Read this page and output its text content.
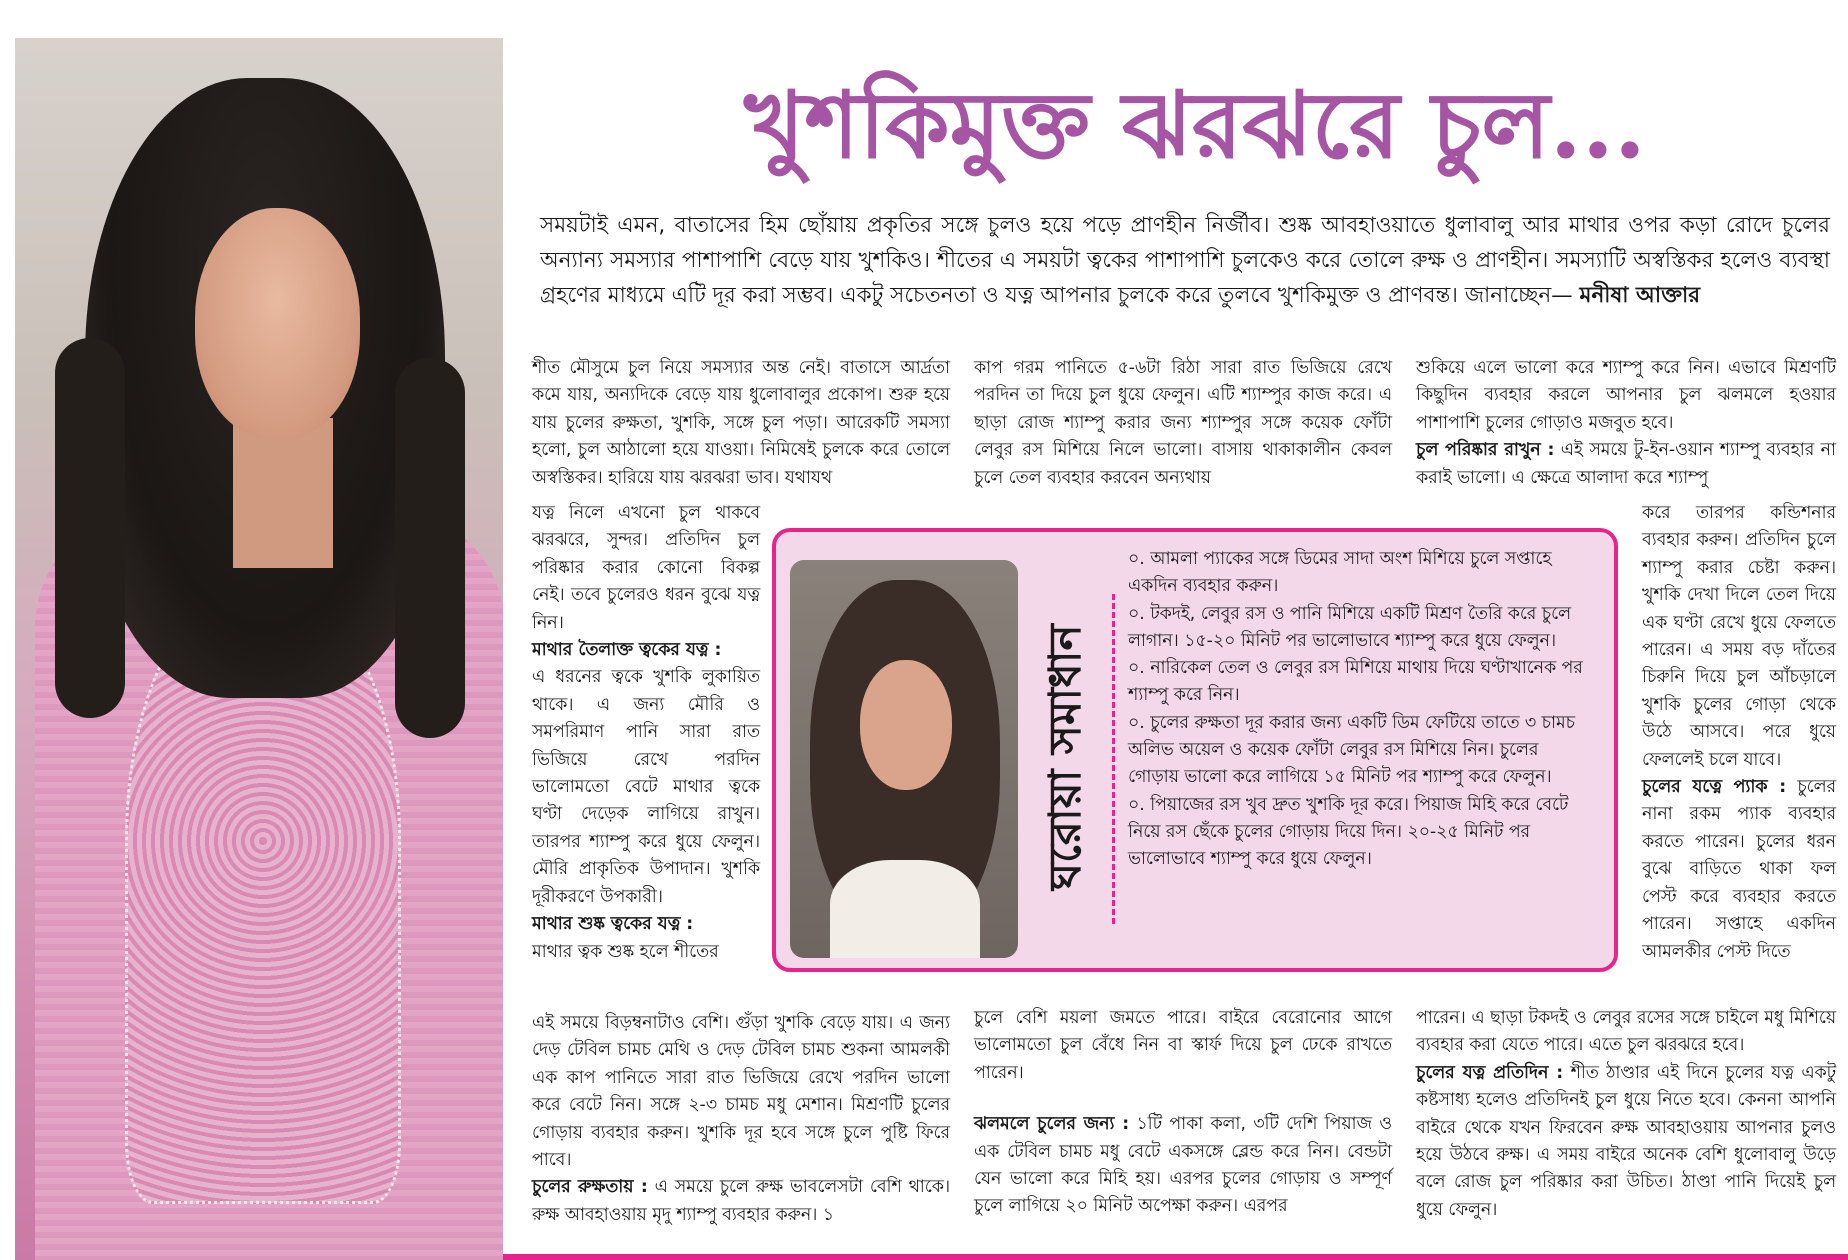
খুশকিমুক্ত ঝরঝরে চুল...

সময়টাই এমন, বাতাসের হিম ছোঁয়ায় প্রকৃতির সঙ্গে চুলও হয়ে পড়ে প্রাণহীন নির্জীব। শুষ্ক আবহাওয়াতে ধুলাবালু আর মাথার ওপর কড়া রোদে চুলের অন্যান্য সমস্যার পাশাপাশি বেড়ে যায় খুশকিও। শীতের এ সময়টা ত্বকের পাশাপাশি চুলকেও করে তোলে রুক্ষ ও প্রাণহীন। সমস্যাটি অস্বস্তিকর হলেও ব্যবস্থা গ্রহণের মাধ্যমে এটি দূর করা সম্ভব। একটু সচেতনতা ও যত্ন আপনার চুলকে করে তুলবে খুশকিমুক্ত ও প্রাণবন্ত। জানাচ্ছেন— মনীষা আক্তার

শীত মৌসুমে চুল নিয়ে সমস্যার অন্ত নেই। বাতাসে আর্দ্রতা কমে যায়, অন্যদিকে বেড়ে যায় ধুলোবালুর প্রকোপ। শুরু হয়ে যায় চুলের রুক্ষতা, খুশকি, সঙ্গে চুল পড়া। আরেকটি সমস্যা হলো, চুল আঠালো হয়ে যাওয়া। নিমিষেই চুলকে করে তোলে অস্বস্তিকর। হারিয়ে যায় ঝরঝরা ভাব। যথাযথ

যত্ন নিলে এখনো চুল থাকবে ঝরঝরে, সুন্দর। প্রতিদিন চুল পরিষ্কার করার কোনো বিকল্প নেই। তবে চুলেরও ধরন বুঝে যত্ন নিন।

মাথার তৈলাক্ত ত্বকের যত্ন :

এ ধরনের ত্বকে খুশকি লুকায়িত থাকে। এ জন্য মৌরি ও সমপরিমাণ পানি সারা রাত ভিজিয়ে রেখে পরদিন ভালোমতো বেটে মাথার ত্বকে ঘণ্টা দেড়েক লাগিয়ে রাখুন। তারপর শ্যাম্পু করে ধুয়ে ফেলুন। মৌরি প্রাকৃতিক উপাদান। খুশকি দূরীকরণে উপকারী।

মাথার শুষ্ক ত্বকের যত্ন :

মাথার ত্বক শুষ্ক হলে শীতের

এই সময়ে বিড়ম্বনাটাও বেশি। গুঁড়া খুশকি বেড়ে যায়। এ জন্য দেড় টেবিল চামচ মেথি ও দেড় টেবিল চামচ শুকনা আমলকী এক কাপ পানিতে সারা রাত ভিজিয়ে রেখে পরদিন ভালো করে বেটে নিন। সঙ্গে ২-৩ চামচ মধু মেশান। মিশ্রণটি চুলের গোড়ায় ব্যবহার করুন। খুশকি দূর হবে সঙ্গে চুলে পুষ্টি ফিরে পাবে।

চুলের রুক্ষতায় : এ সময়ে চুলে রুক্ষ ভাবলেসটা বেশি থাকে। রুক্ষ আবহাওয়ায় মৃদু শ্যাম্পু ব্যবহার করুন। ১

কাপ গরম পানিতে ৫-৬টা রিঠা সারা রাত ভিজিয়ে রেখে পরদিন তা দিয়ে চুল ধুয়ে ফেলুন। এটি শ্যাম্পুর কাজ করে। এ ছাড়া রোজ শ্যাম্পু করার জন্য শ্যাম্পুর সঙ্গে কয়েক ফোঁটা লেবুর রস মিশিয়ে নিলে ভালো। বাসায় থাকাকালীন কেবল চুলে তেল ব্যবহার করবেন অন্যথায়

চুলে বেশি ময়লা জমতে পারে। বাইরে বেরোনোর আগে ভালোমতো চুল বেঁধে নিন বা স্কার্ফ দিয়ে চুল ঢেকে রাখতে পারেন।

ঝলমলে চুলের জন্য : ১টি পাকা কলা, ৩টি দেশি পিয়াজ ও এক টেবিল চামচ মধু বেটে একসঙ্গে ব্লেন্ড করে নিন। বেন্ডটা যেন ভালো করে মিহি হয়। এরপর চুলের গোড়ায় ও সম্পূর্ণ চুলে লাগিয়ে ২০ মিনিট অপেক্ষা করুন। এরপর

শুকিয়ে এলে ভালো করে শ্যাম্পু করে নিন। এভাবে মিশ্রণটি কিছুদিন ব্যবহার করলে আপনার চুল ঝলমলে হওয়ার পাশাপাশি চুলের গোড়াও মজবুত হবে।

চুল পরিষ্কার রাখুন : এই সময়ে টু-ইন-ওয়ান শ্যাম্পু ব্যবহার না করাই ভালো। এ ক্ষেত্রে আলাদা করে শ্যাম্পু

করে তারপর কন্ডিশনার ব্যবহার করুন। প্রতিদিন চুলে শ্যাম্পু করার চেষ্টা করুন। খুশকি দেখা দিলে তেল দিয়ে এক ঘণ্টা রেখে ধুয়ে ফেলতে পারেন। এ সময় বড় দাঁতের চিরুনি দিয়ে চুল আঁচড়ালে খুশকি চুলের গোড়া থেকে উঠে আসবে। পরে ধুয়ে ফেললেই চলে যাবে।

চুলের যত্নে প্যাক : চুলের নানা রকম প্যাক ব্যবহার করতে পারেন। চুলের ধরন বুঝে বাড়িতে থাকা ফল পেস্ট করে ব্যবহার করতে পারেন। সপ্তাহে একদিন আমলকীর পেস্ট দিতে

পারেন। এ ছাড়া টকদই ও লেবুর রসের সঙ্গে চাইলে মধু মিশিয়ে ব্যবহার করা যেতে পারে। এতে চুল ঝরঝরে হবে।

চুলের যত্ন প্রতিদিন : শীত ঠাণ্ডার এই দিনে চুলের যত্ন একটু কষ্টসাধ্য হলেও প্রতিদিনই চুল ধুয়ে নিতে হবে। কেননা আপনি বাইরে থেকে যখন ফিরবেন রুক্ষ আবহাওয়ায় আপনার চুলও হয়ে উঠবে রুক্ষ। এ সময় বাইরে অনেক বেশি ধুলোবালু উড়ে বলে রোজ চুল পরিষ্কার করা উচিত। ঠাণ্ডা পানি দিয়েই চুল ধুয়ে ফেলুন।

ঘরোয়া সমাধান
০. আমলা প্যাকের সঙ্গে ডিমের সাদা অংশ মিশিয়ে চুলে সপ্তাহে একদিন ব্যবহার করুন।
০. টকদই, লেবুর রস ও পানি মিশিয়ে একটি মিশ্রণ তৈরি করে চুলে লাগান। ১৫-২০ মিনিট পর ভালোভাবে শ্যাম্পু করে ধুয়ে ফেলুন।
০. নারিকেল তেল ও লেবুর রস মিশিয়ে মাথায় দিয়ে ঘণ্টাখানেক পর শ্যাম্পু করে নিন।
০. চুলের রুক্ষতা দূর করার জন্য একটি ডিম ফেটিয়ে তাতে ৩ চামচ অলিভ অয়েল ও কয়েক ফোঁটা লেবুর রস মিশিয়ে নিন। চুলের গোড়ায় ভালো করে লাগিয়ে ১৫ মিনিট পর শ্যাম্পু করে ফেলুন।
০. পিয়াজের রস খুব দ্রুত খুশকি দূর করে। পিয়াজ মিহি করে বেটে নিয়ে রস ছেঁকে চুলের গোড়ায় দিয়ে দিন। ২০-২৫ মিনিট পর ভালোভাবে শ্যাম্পু করে ধুয়ে ফেলুন।
